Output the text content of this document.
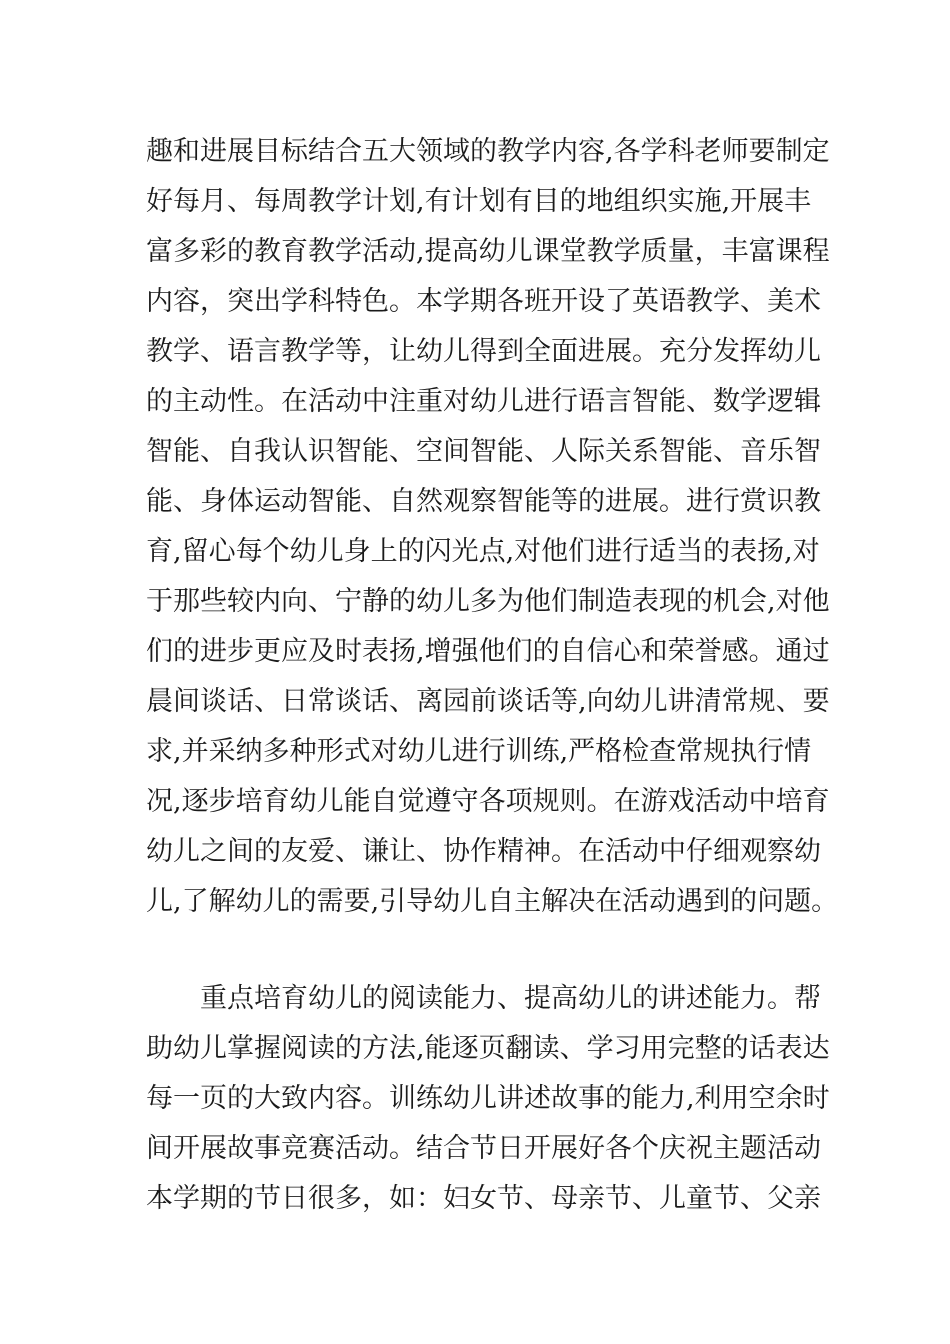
趣和进展目标结合五大领域的教学内容,各学科老师要制定
好每月、每周教学计划,有计划有目的地组织实施,开展丰
富多彩的教育教学活动,提高幼儿课堂教学质量，丰富课程
内容，突出学科特色。本学期各班开设了英语教学、美术
教学、语言教学等，让幼儿得到全面进展。充分发挥幼儿
的主动性。在活动中注重对幼儿进行语言智能、数学逻辑
智能、自我认识智能、空间智能、人际关系智能、音乐智
能、身体运动智能、自然观察智能等的进展。进行赏识教
育,留心每个幼儿身上的闪光点,对他们进行适当的表扬,对
于那些较内向、宁静的幼儿多为他们制造表现的机会,对他
们的进步更应及时表扬,增强他们的自信心和荣誉感。通过
晨间谈话、日常谈话、离园前谈话等,向幼儿讲清常规、要
求,并采纳多种形式对幼儿进行训练,严格检查常规执行情
况,逐步培育幼儿能自觉遵守各项规则。在游戏活动中培育
幼儿之间的友爱、谦让、协作精神。在活动中仔细观察幼
儿,了解幼儿的需要,引导幼儿自主解决在活动遇到的问题。
　　重点培育幼儿的阅读能力、提高幼儿的讲述能力。帮
助幼儿掌握阅读的方法,能逐页翻读、学习用完整的话表达
每一页的大致内容。训练幼儿讲述故事的能力,利用空余时
间开展故事竞赛活动。结合节日开展好各个庆祝主题活动
本学期的节日很多，如：妇女节、母亲节、儿童节、父亲
